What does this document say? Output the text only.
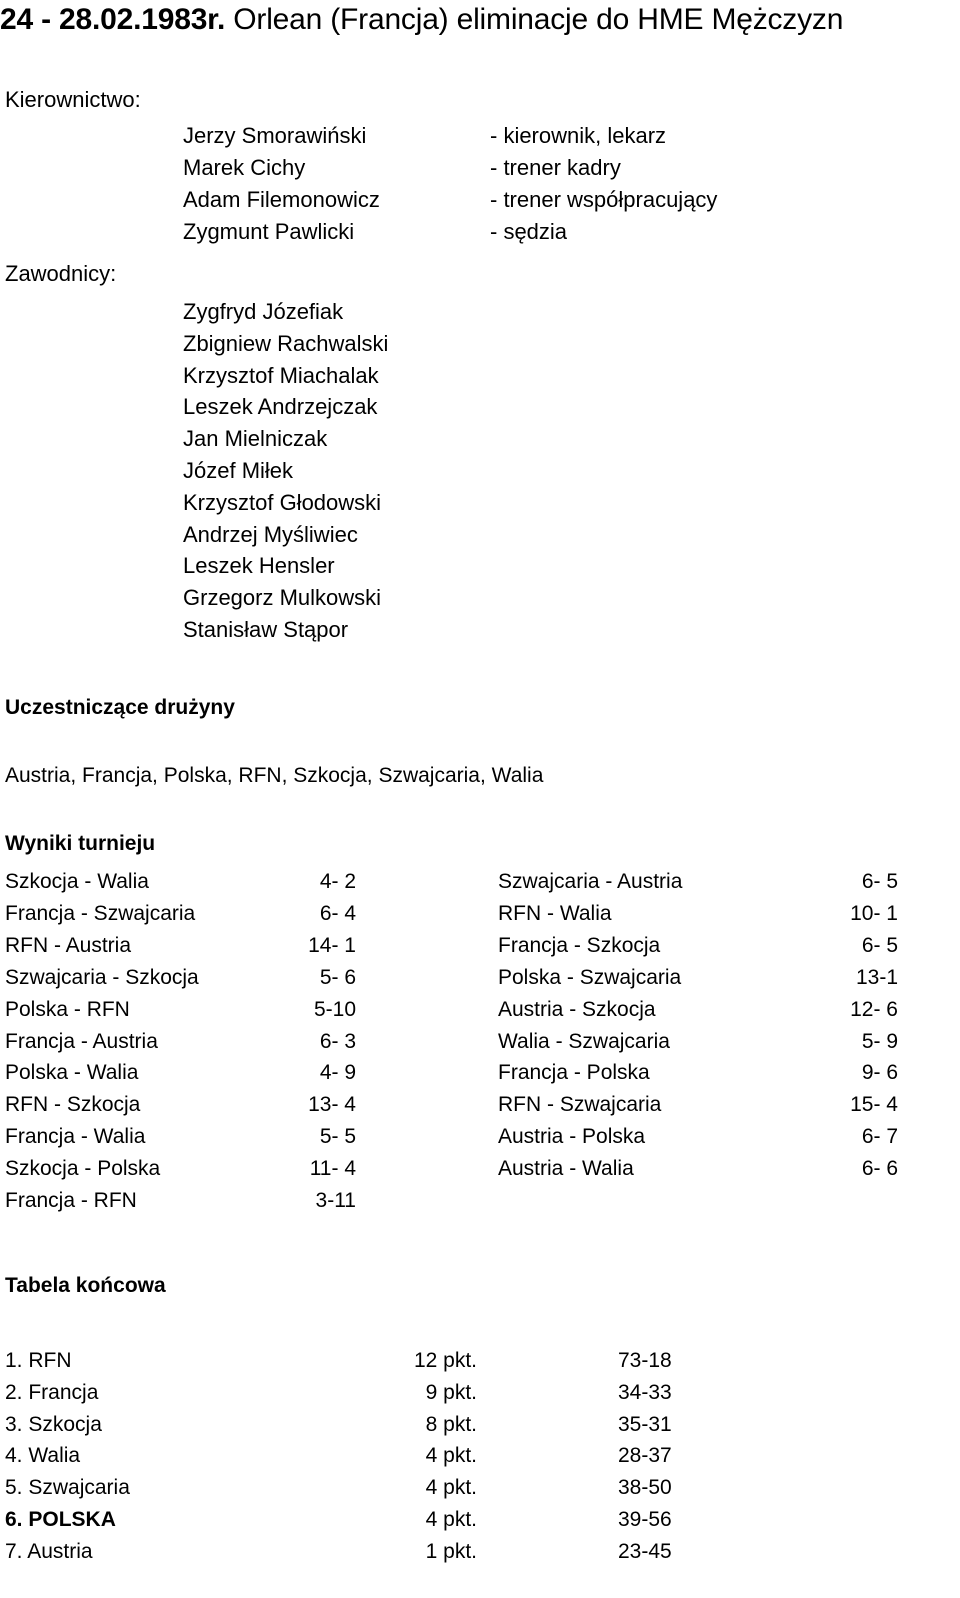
24 - 28.02.1983r. Orlean (Francja) eliminacje do HME Mężczyzn
Kierownictwo:
Jerzy Smorawiński	- kierownik, lekarz
Marek Cichy	- trener kadry
Adam Filemonowicz	- trener współpracujący
Zygmunt Pawlicki	- sędzia
Zawodnicy:
Zygfryd Józefiak
Zbigniew Rachwalski
Krzysztof Miachalak
Leszek Andrzejczak
Jan Mielniczak
Józef Miłek
Krzysztof Głodowski
Andrzej Myśliwiec
Leszek Hensler
Grzegorz Mulkowski
Stanisław Stąpor
Uczestniczące drużyny
Austria, Francja, Polska, RFN, Szkocja, Szwajcaria, Walia
Wyniki turnieju
Szkocja - Walia	4- 2
Francja - Szwajcaria	6- 4
RFN - Austria	14- 1
Szwajcaria - Szkocja	5- 6
Polska - RFN	5-10
Francja - Austria	6- 3
Polska - Walia	4- 9
RFN - Szkocja	13- 4
Francja - Walia	5- 5
Szkocja - Polska	11- 4
Francja - RFN	3-11
Szwajcaria - Austria	6- 5
RFN - Walia	10- 1
Francja - Szkocja	6- 5
Polska - Szwajcaria	13-1
Austria - Szkocja	12- 6
Walia - Szwajcaria	5- 9
Francja - Polska	9- 6
RFN - Szwajcaria	15- 4
Austria - Polska	6- 7
Austria - Walia	6- 6
Tabela końcowa
1. RFN	12 pkt.	73-18
2. Francja	9 pkt.	34-33
3. Szkocja	8 pkt.	35-31
4. Walia	4 pkt.	28-37
5. Szwajcaria	4 pkt.	38-50
6. POLSKA	4 pkt.	39-56
7. Austria	1 pkt.	23-45
